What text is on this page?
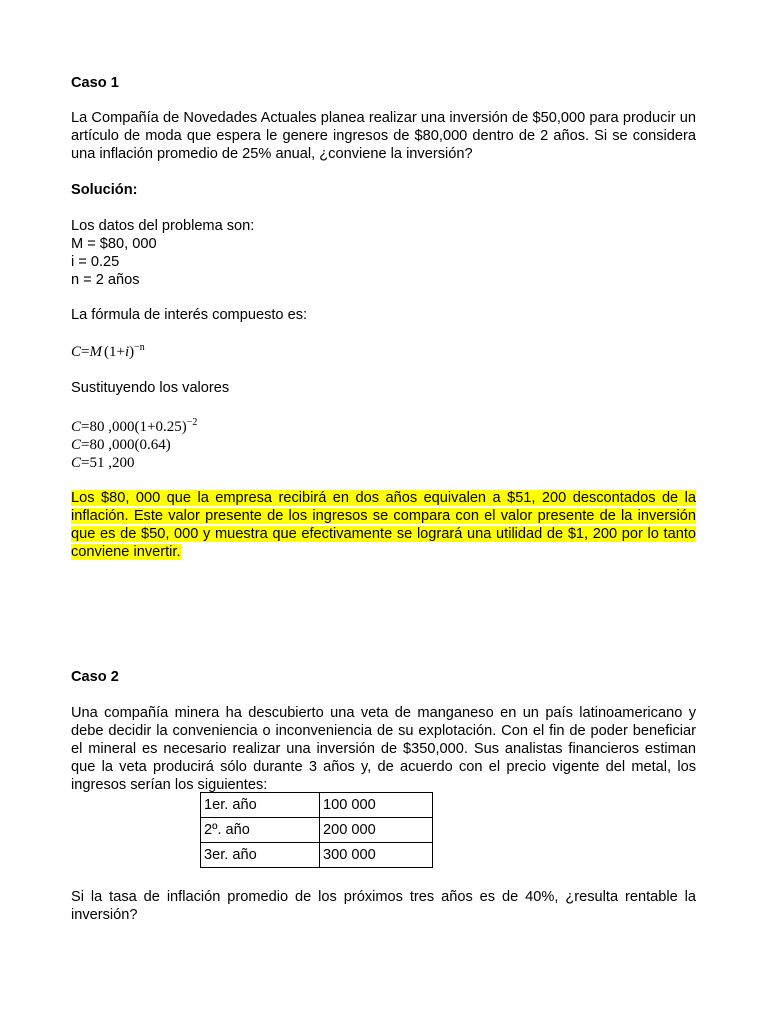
Caso 1
La Compañía de Novedades Actuales planea realizar una inversión de $50,000 para producir un artículo de moda que espera le genere ingresos de $80,000 dentro de 2 años. Si se considera una inflación promedio de 25% anual, ¿conviene la inversión?
Solución:
Los datos del problema son:
M = $80, 000
i = 0.25
n = 2 años
La fórmula de interés compuesto es:
C=M $(1+i)^{-n}$
Sustituyendo los valores
C=80 $,000(1+0.25)^{-2}$
C=80 ,000(0.64)
C=51 ,200
Los $80, 000 que la empresa recibirá en dos años equivalen a $51, 200 descontados de la inflación. Este valor presente de los ingresos se compara con el valor presente de la inversión que es de $50, 000 y muestra que efectivamente se logrará una utilidad de $1, 200 por lo tanto conviene invertir.
Caso 2
Una compañía minera ha descubierto una veta de manganeso en un país latinoamericano y debe decidir la conveniencia o inconveniencia de su explotación. Con el fin de poder beneficiar el mineral es necesario realizar una inversión de $350,000. Sus analistas financieros estiman que la veta producirá sólo durante 3 años y, de acuerdo con el precio vigente del metal, los ingresos serían los siguientes:
1er. año	100 000
2º. año	200 000
3er. año	300 000
Si la tasa de inflación promedio de los próximos tres años es de 40%, ¿resulta rentable la inversión?
